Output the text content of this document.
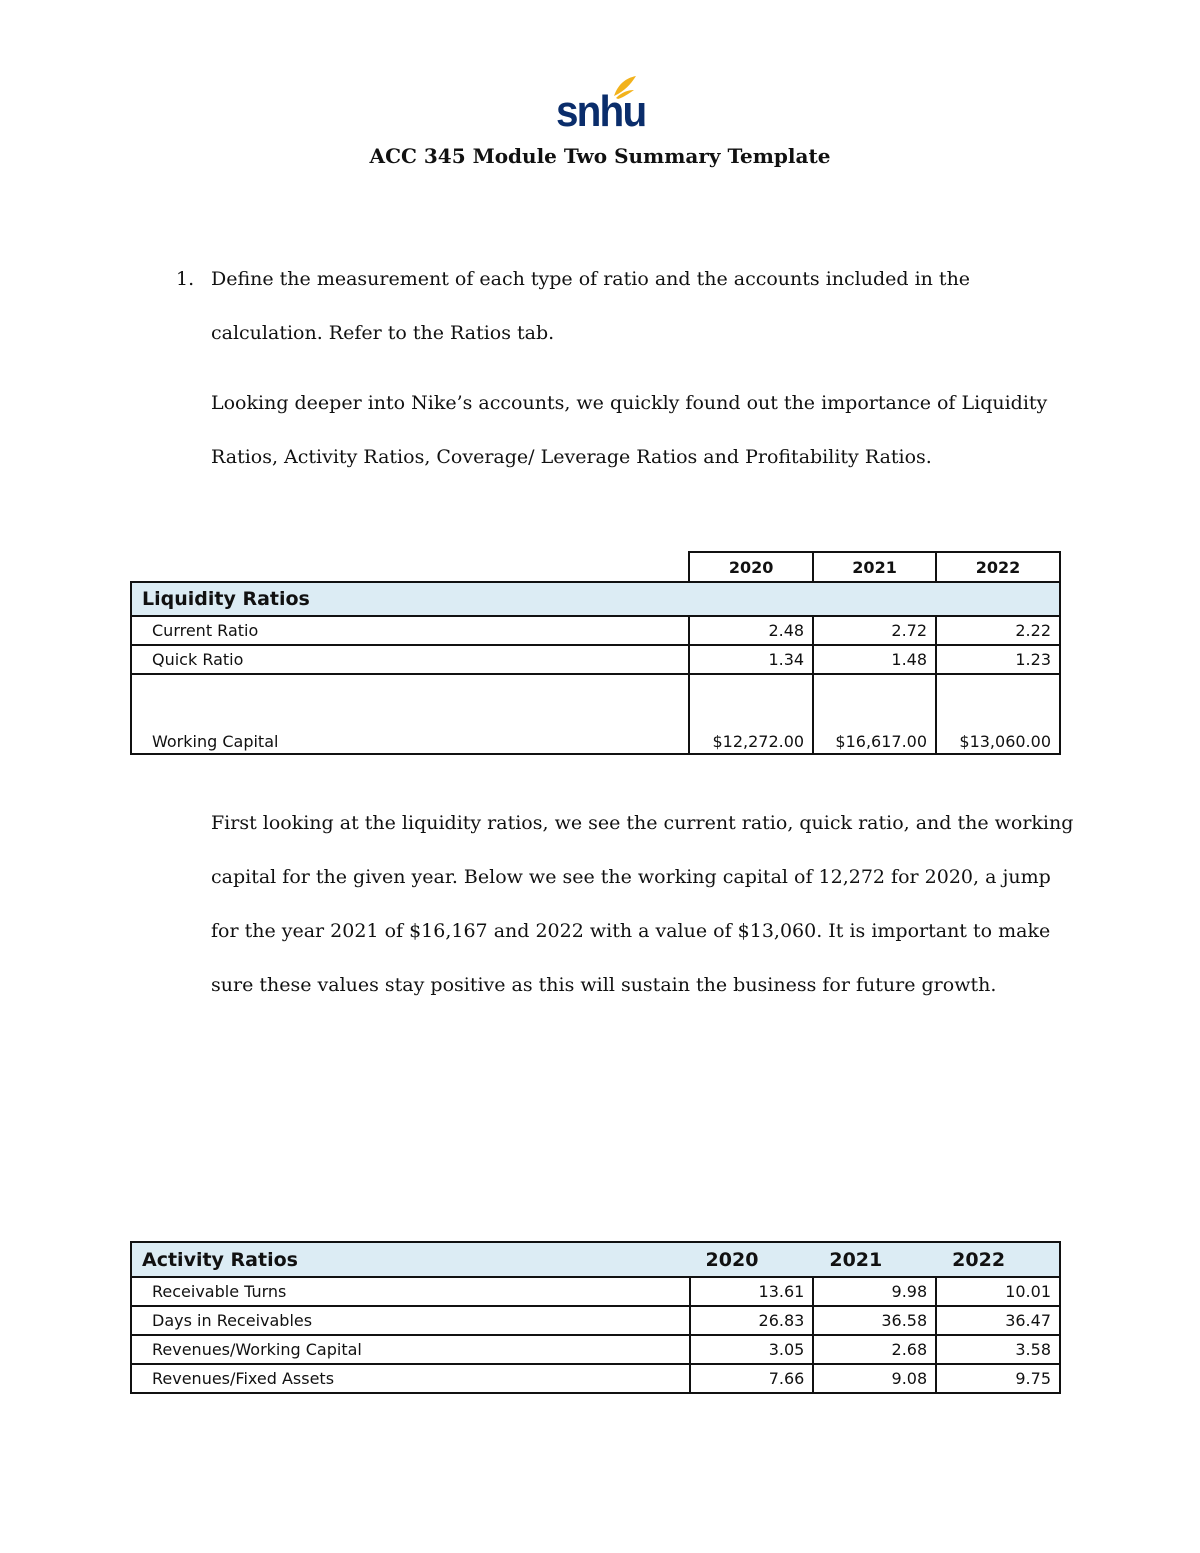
snhu
ACC 345 Module Two Summary Template
1. Define the measurement of each type of ratio and the accounts included in the
calculation. Refer to the Ratios tab.
Looking deeper into Nike’s accounts, we quickly found out the importance of Liquidity
Ratios, Activity Ratios, Coverage/ Leverage Ratios and Profitability Ratios.
	2020	2021	2022
Liquidity Ratios			
Current Ratio	2.48	2.72	2.22
Quick Ratio	1.34	1.48	1.23
Working Capital	$12,272.00	$16,617.00	$13,060.00
First looking at the liquidity ratios, we see the current ratio, quick ratio, and the working
capital for the given year. Below we see the working capital of 12,272 for 2020, a jump
for the year 2021 of $16,167 and 2022 with a value of $13,060. It is important to make
sure these values stay positive as this will sustain the business for future growth.
Activity Ratios	2020	2021	2022
Receivable Turns	13.61	9.98	10.01
Days in Receivables	26.83	36.58	36.47
Revenues/Working Capital	3.05	2.68	3.58
Revenues/Fixed Assets	7.66	9.08	9.75
